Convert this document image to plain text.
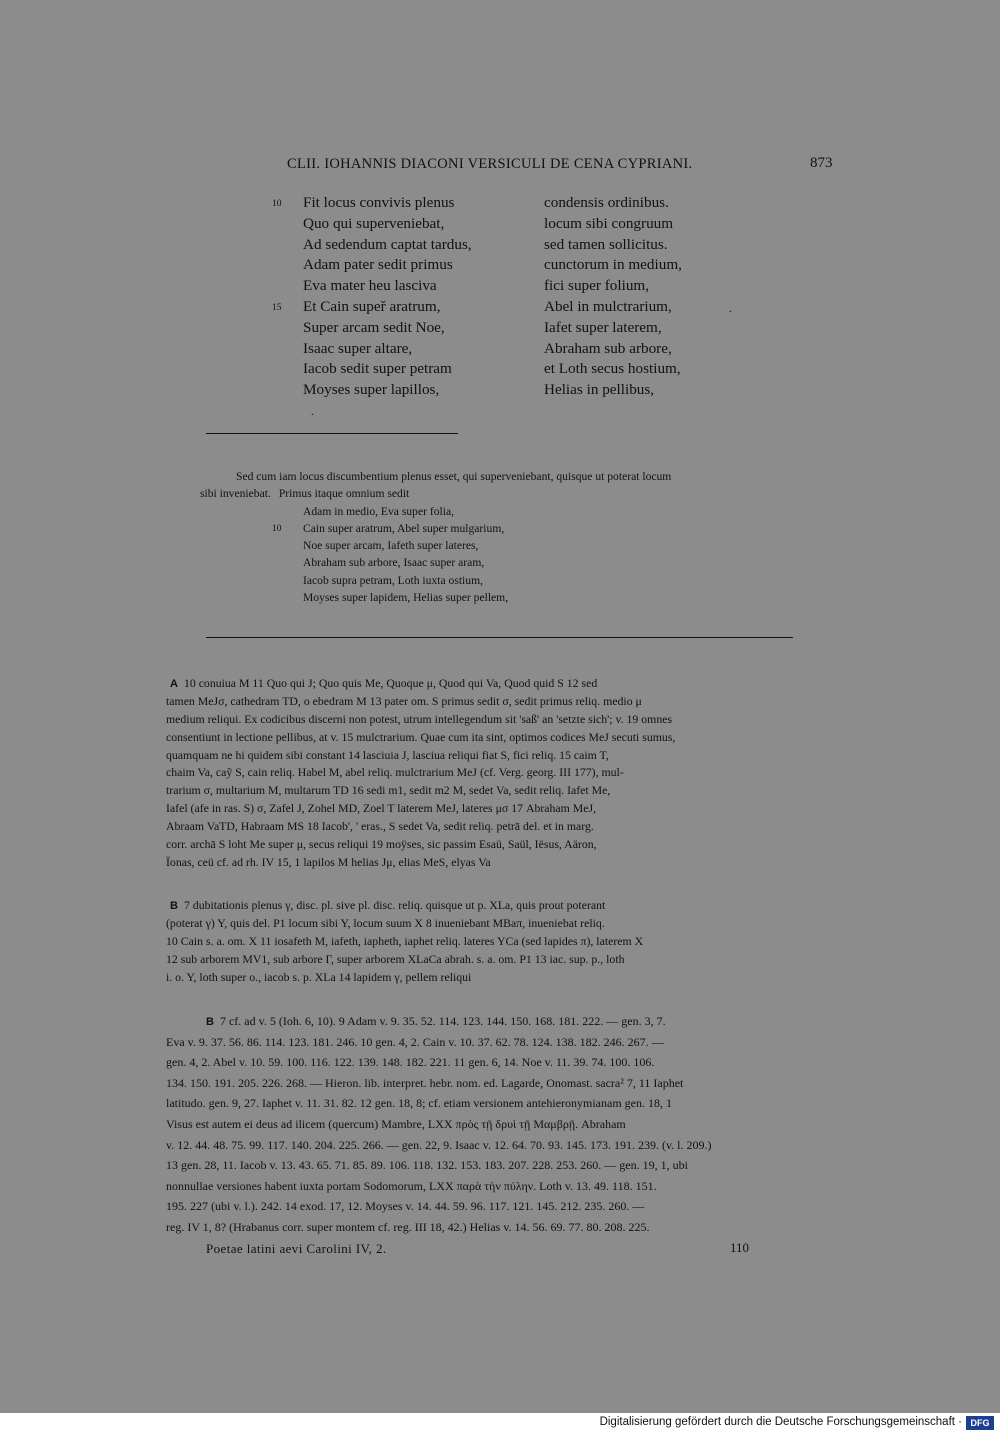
CLII. IOHANNIS DIACONI VERSICULI DE CENA CYPRIANI.	873
10 Fit locus convivis plenus	condensis ordinibus.
Quo qui superveniebat,	locum sibi congruum
Ad sedendum captat tardus,	sed tamen sollicitus.
Adam pater sedit primus	cunctorum in medium,
Eva mater heu lasciva	fici super folium,
15 Et Cain supeř aratrum,	Abel in mulctrarium,
Super arcam sedit Noe,	Iafet super laterem,
Isaac super altare,	Abraham sub arbore,
Iacob sedit super petram	et Loth secus hostium,
Moyses super lapillos,	Helias in pellibus,
.
.
Sed cum iam locus discumbentium plenus esset, qui superveniebant, quisque ut poterat locum
sibi inveniebat. Primus itaque omnium sedit
Adam in medio, Eva super folia,
10 Cain super aratrum, Abel super mulgarium,
Noe super arcam, Iafeth super lateres,
Abraham sub arbore, Isaac super aram,
Iacob supra petram, Loth iuxta ostium,
Moyses super lapidem, Helias super pellem,
A 10 conuiua M 11 Quo qui J; Quo quis Me, Quoque μ, Quod qui Va, Quod quid S 12 sed
tamen MeJσ, cathedram TD, o ebedram M 13 pater om. S primus sedit σ, sedit primus reliq. medio μ
medium reliqui. Ex codicibus discerni non potest, utrum intellegendum sit 'saß' an 'setzte sich'; v. 19 omnes
consentiunt in lectione pellibus, at v. 15 mulctrarium. Quae cum ita sint, optimos codices MeJ secuti sumus,
quamquam ne hi quidem sibi constant 14 lasciuia J, lasciua reliqui fiat S, fici reliq. 15 caim T,
chaim Va, caỹ S, cain reliq. Habel M, abel reliq. mulctrarium MeJ (cf. Verg. georg. III 177), mul-
trarium σ, multarium M, multarum TD 16 sedi m1, sedit m2 M, sedet Va, sedit reliq. Iafet Me,
Iafel (afe in ras. S) σ, Zafel J, Zohel MD, Zoel T laterem MeJ, lateres μσ 17 Abraham MeJ,
Abraam VaTD, Habraam MS 18 Iacob', ' eras., S sedet Va, sedit reliq. petrā del. et in marg.
corr. archā S loht Me super μ, secus reliqui 19 moÿses, sic passim Esaü, Saül, Iësus, Aäron,
Ïonas, ceü cf. ad rh. IV 15, 1 lapilos M helias Jμ, elias MeS, elyas Va
B 7 dubitationis plenus γ, disc. pl. sive pl. disc. reliq. quisque ut p. XLa, quis prout poterant
(poterat γ) Y, quis del. P1 locum sibi Y, locum suum X 8 inueniebant MBaπ, inueniebat reliq.
10 Cain s. a. om. X 11 iosafeth M, iafeth, iapheth, iaphet reliq. lateres YCa (sed lapides π), laterem X
12 sub arborem MV1, sub arbore Γ, super arborem XLaCa abrah. s. a. om. P1 13 iac. sup. p., loth
i. o. Y, loth super o., iacob s. p. XLa 14 lapidem γ, pellem reliqui
B 7 cf. ad v. 5 (Ioh. 6, 10). 9 Adam v. 9. 35. 52. 114. 123. 144. 150. 168. 181. 222. — gen. 3, 7.
Eva v. 9. 37. 56. 86. 114. 123. 181. 246. 10 gen. 4, 2. Cain v. 10. 37. 62. 78. 124. 138. 182. 246. 267. —
gen. 4, 2. Abel v. 10. 59. 100. 116. 122. 139. 148. 182. 221. 11 gen. 6, 14. Noe v. 11. 39. 74. 100. 106.
134. 150. 191. 205. 226. 268. — Hieron. lib. interpret. hebr. nom. ed. Lagarde, Onomast. sacra² 7, 11 Iaphet
latitudo. gen. 9, 27. Iaphet v. 11. 31. 82. 12 gen. 18, 8; cf. etiam versionem antehieronymianam gen. 18, 1
Visus est autem ei deus ad ilicem (quercum) Mambre, LXX πρὸς τῇ δρυὶ τῇ Μαμβρῇ. Abraham
v. 12. 44. 48. 75. 99. 117. 140. 204. 225. 266. — gen. 22, 9. Isaac v. 12. 64. 70. 93. 145. 173. 191. 239. (v. l. 209.)
13 gen. 28, 11. Iacob v. 13. 43. 65. 71. 85. 89. 106. 118. 132. 153. 183. 207. 228. 253. 260. — gen. 19, 1, ubi
nonnullae versiones habent iuxta portam Sodomorum, LXX παρὰ τὴν πύλην. Loth v. 13. 49. 118. 151.
195. 227 (ubi v. l.). 242. 14 exod. 17, 12. Moyses v. 14. 44. 59. 96. 117. 121. 145. 212. 235. 260. —
reg. IV 1, 8? (Hrabanus corr. super montem cf. reg. III 18, 42.) Helias v. 14. 56. 69. 77. 80. 208. 225.
Poetae latini aevi Carolini IV, 2.	110
Digitalisierung gefördert durch die Deutsche Forschungsgemeinschaft · DFG
